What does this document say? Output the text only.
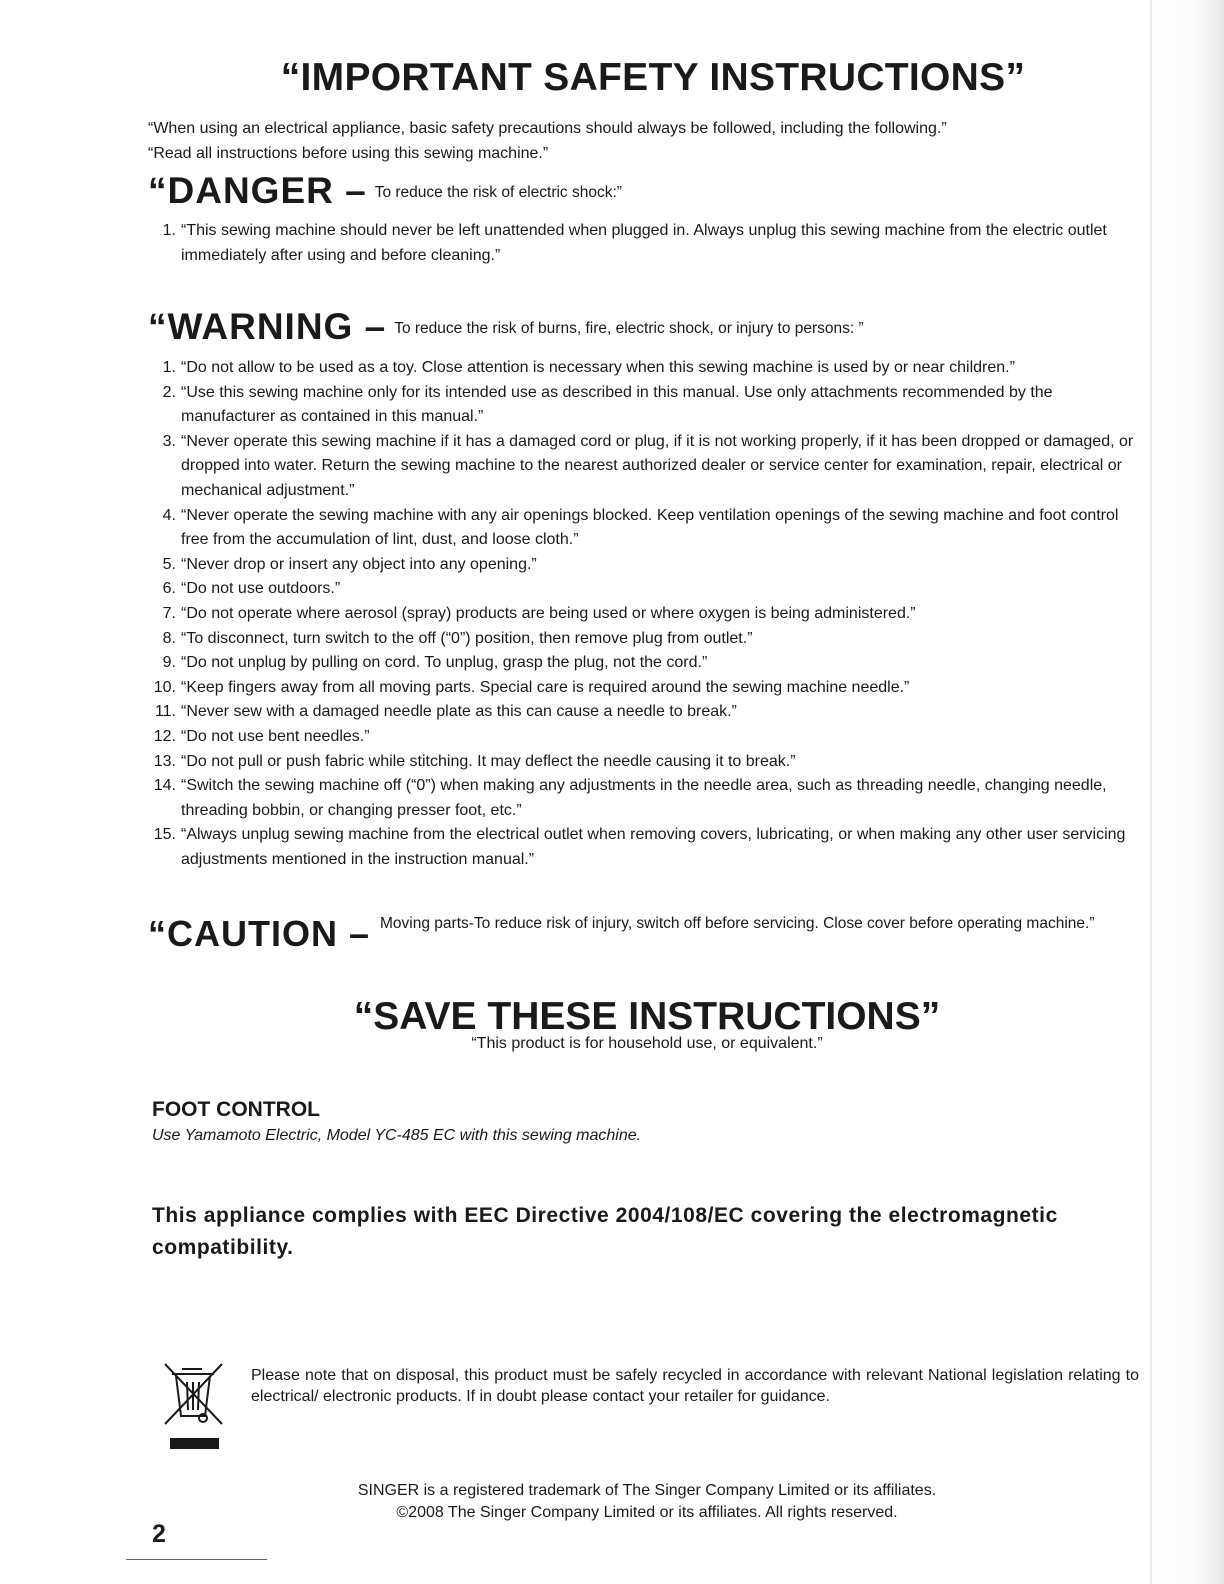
“IMPORTANT SAFETY INSTRUCTIONS”
“When using an electrical appliance, basic safety precautions should always be followed, including the following.”
“Read all instructions before using this sewing machine.”
“DANGER – To reduce the risk of electric shock:”
1. “This sewing machine should never be left unattended when plugged in. Always unplug this sewing machine from the electric outlet immediately after using and before cleaning.”
“WARNING – To reduce the risk of burns, fire, electric shock, or injury to persons: ”
1. “Do not allow to be used as a toy. Close attention is necessary when this sewing machine is used by or near children.”
2. “Use this sewing machine only for its intended use as described in this manual. Use only attachments recommended by the manufacturer as contained in this manual.”
3. “Never operate this sewing machine if it has a damaged cord or plug, if it is not working properly, if it has been dropped or damaged, or dropped into water. Return the sewing machine to the nearest authorized dealer or service center for examination, repair, electrical or mechanical adjustment.”
4. “Never operate the sewing machine with any air openings blocked. Keep ventilation openings of the sewing machine and foot control free from the accumulation of lint, dust, and loose cloth.”
5. “Never drop or insert any object into any opening.”
6. “Do not use outdoors.”
7. “Do not operate where aerosol (spray) products are being used or where oxygen is being administered.”
8. “To disconnect, turn switch to the off (“0”) position, then remove plug from outlet.”
9. “Do not unplug by pulling on cord. To unplug, grasp the plug, not the cord.”
10. “Keep fingers away from all moving parts. Special care is required around the sewing machine needle.”
11. “Never sew with a damaged needle plate as this can cause a needle to break.”
12. “Do not use bent needles.”
13. “Do not pull or push fabric while stitching. It may deflect the needle causing it to break.”
14. “Switch the sewing machine off (“0”) when making any adjustments in the needle area, such as threading needle, changing needle, threading bobbin, or changing presser foot, etc.”
15. “Always unplug sewing machine from the electrical outlet when removing covers, lubricating, or when making any other user servicing adjustments mentioned in the instruction manual.”
“CAUTION – Moving parts-To reduce risk of injury, switch off before servicing. Close cover before operating machine.”
“SAVE THESE INSTRUCTIONS”
“This product is for household use, or equivalent.”
FOOT CONTROL
Use Yamamoto Electric, Model YC-485 EC with this sewing machine.

This appliance complies with EEC Directive 2004/108/EC covering the electromagnetic compatibility.

Please note that on disposal, this product must be safely recycled in accordance with relevant National legislation relating to electrical/ electronic products. If in doubt please contact your retailer for guidance.
SINGER is a registered trademark of The Singer Company Limited or its affiliates.
©2008 The Singer Company Limited or its affiliates. All rights reserved.
2
